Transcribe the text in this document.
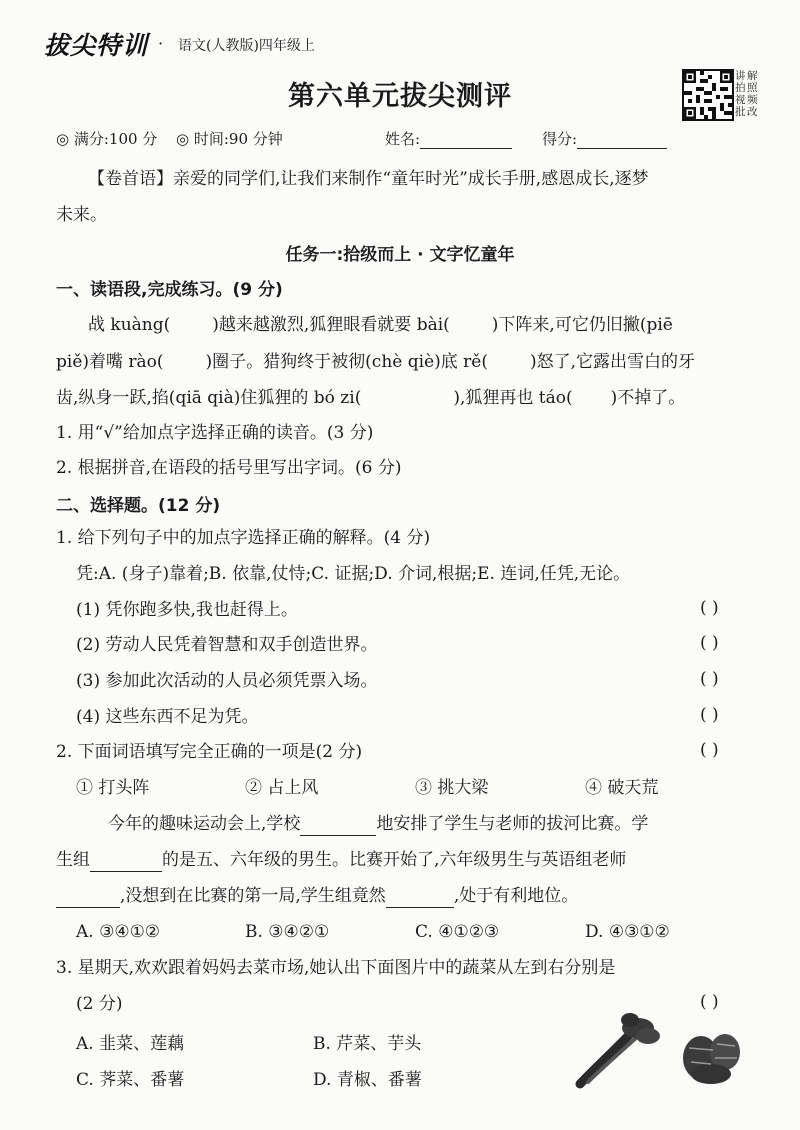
拔尖特训 · 语文(人教版)四年级上
第六单元拔尖测评
讲拍
视批
解照
频改
◎ 满分:100 分 ◎ 时间:90 分钟	姓名:	得分:
【卷首语】亲爱的同学们,让我们来制作“童年时光”成长手册,感恩成长,逐梦
未来。
任务一:拾级而上 · 文字忆童年
一、读语段,完成练习。(9 分)
战 kuàng( )越来越激烈,狐狸眼看就要 bài( )下阵来,可它仍旧撇(piē
piě)着嘴 rào( )圈子。猎狗终于被彻(chè qiè)底 rě( )怒了,它露出雪白的牙
齿,纵身一跃,掐(qiā qià)住狐狸的 bó zi(	),狐狸再也 táo( )不掉了。
1. 用“√”给加点字选择正确的读音。(3 分)
2. 根据拼音,在语段的括号里写出字词。(6 分)
二、选择题。(12 分)
1. 给下列句子中的加点字选择正确的解释。(4 分)
凭:A. (身子)靠着;B. 依靠,仗恃;C. 证据;D. 介词,根据;E. 连词,任凭,无论。
(1) 凭你跑多快,我也赶得上。	( )
(2) 劳动人民凭着智慧和双手创造世界。	( )
(3) 参加此次活动的人员必须凭票入场。	( )
(4) 这些东西不足为凭。	( )
2. 下面词语填写完全正确的一项是(2 分)	( )
① 打头阵	② 占上风	③ 挑大梁	④ 破天荒
今年的趣味运动会上,学校	地安排了学生与老师的拔河比赛。学
生组	的是五、六年级的男生。比赛开始了,六年级男生与英语组老师
,没想到在比赛的第一局,学生组竟然	,处于有利地位。
A. ③④①②	B. ③④②①	C. ④①②③	D. ④③①②
3. 星期天,欢欢跟着妈妈去菜市场,她认出下面图片中的蔬菜从左到右分别是
(2 分)	( )
A. 韭菜、莲藕	B. 芹菜、芋头
C. 荠菜、番薯	D. 青椒、番薯
